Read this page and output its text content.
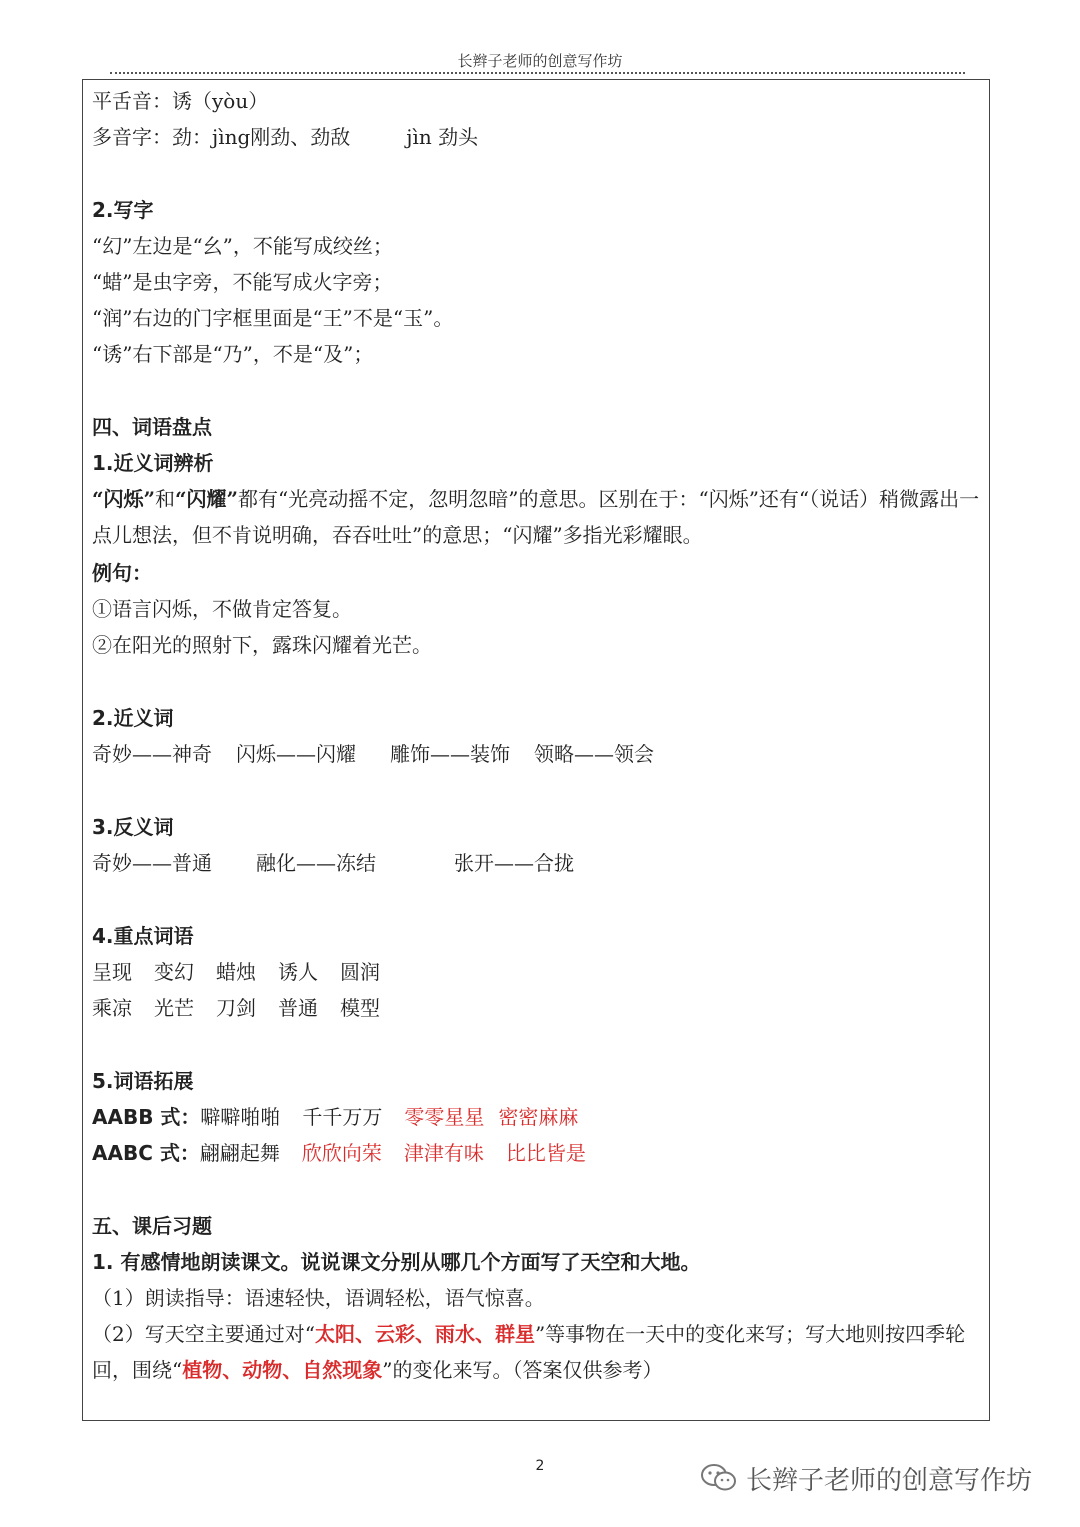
长辫子老师的创意写作坊
平舌音：诱（yòu）
多音字：劲：jìng刚劲、劲敌	jìn 劲头
2.写字
“幻”左边是“幺”，不能写成绞丝；
“蜡”是虫字旁，不能写成火字旁；
“润”右边的门字框里面是“王”不是“玉”。
“诱”右下部是“乃”，不是“及”；
四、词语盘点
1.近义词辨析
“闪烁”和“闪耀”都有“光亮动摇不定，忽明忽暗”的意思。区别在于：“闪烁”还有“（说话）稍微露出一点儿想法，但不肯说明确，吞吞吐吐”的意思；“闪耀”多指光彩耀眼。
例句：
①语言闪烁，不做肯定答复。
②在阳光的照射下，露珠闪耀着光芒。
2.近义词
奇妙——神奇 闪烁——闪耀 雕饰——装饰 领略——领会
3.反义词
奇妙——普通 融化——冻结	张开——合拢
4.重点词语
呈现 变幻 蜡烛 诱人 圆润
乘凉 光芒 刀剑 普通 模型
5.词语拓展
AABB 式：噼噼啪啪 千千万万 零零星星 密密麻麻
AABC 式：翩翩起舞 欣欣向荣 津津有味 比比皆是
五、课后习题
1. 有感情地朗读课文。说说课文分别从哪几个方面写了天空和大地。
（1）朗读指导：语速轻快，语调轻松，语气惊喜。
（2）写天空主要通过对“太阳、云彩、雨水、群星”等事物在一天中的变化来写；写大地则按四季轮回，围绕“植物、动物、自然现象”的变化来写。（答案仅供参考）
2	长辫子老师的创意写作坊
